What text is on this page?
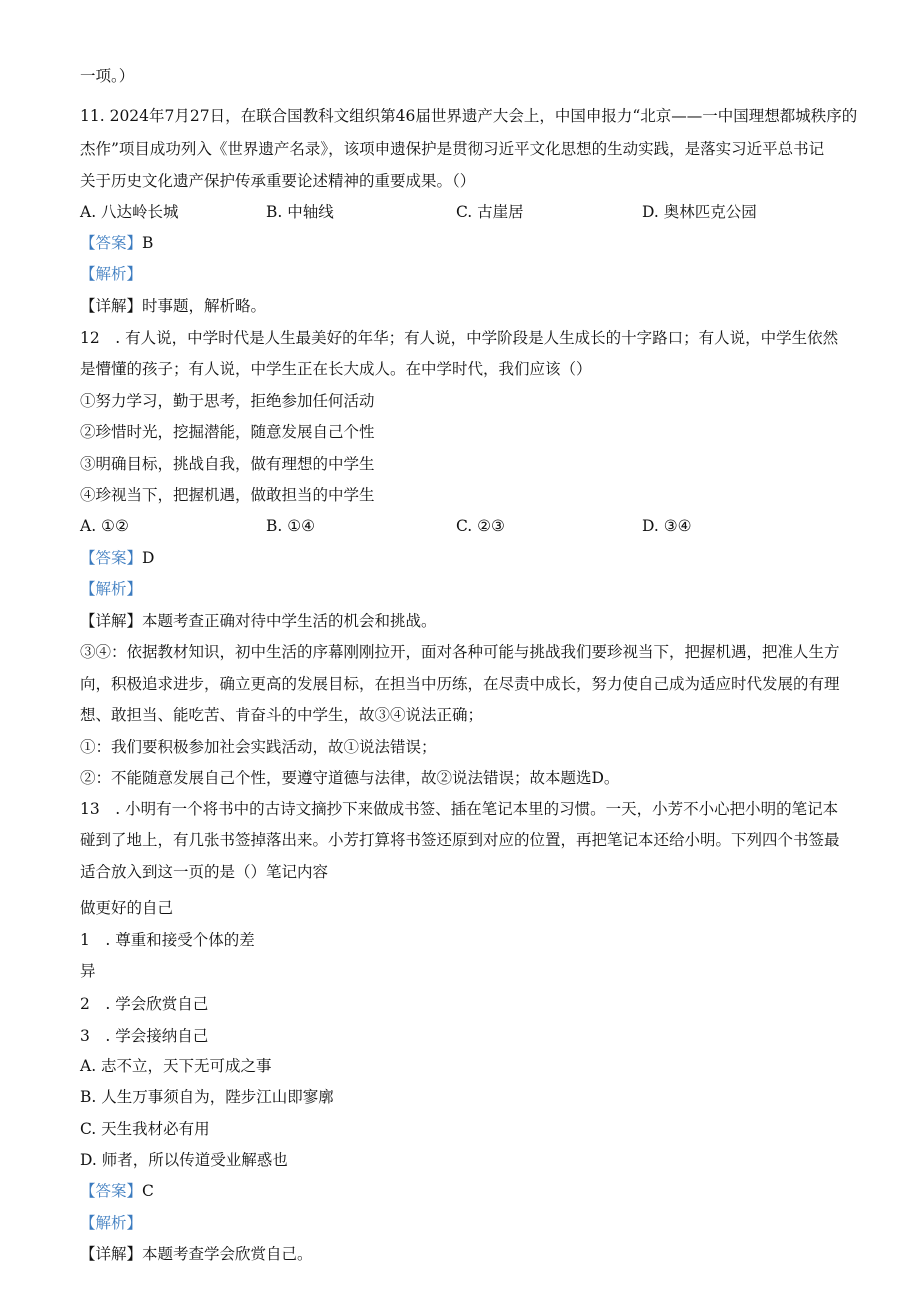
一项。）
11. 2024年7月27日，在联合国教科文组织第46届世界遗产大会上，中国申报力“北京——一中国理想都城秩序的
杰作”项目成功列入《世界遗产名录》，该项申遗保护是贯彻习近平文化思想的生动实践，是落实习近平总书记
关于历史文化遗产保护传承重要论述精神的重要成果。（）
A. 八达岭长城	B. 中轴线	C. 古崖居	D. 奥林匹克公园
【答案】B
【解析】
【详解】时事题，解析略。
12　. 有人说，中学时代是人生最美好的年华；有人说，中学阶段是人生成长的十字路口；有人说，中学生依然
是懵懂的孩子；有人说，中学生正在长大成人。在中学时代，我们应该（）
①努力学习，勤于思考，拒绝参加任何活动
②珍惜时光，挖掘潜能，随意发展自己个性
③明确目标，挑战自我，做有理想的中学生
④珍视当下，把握机遇，做敢担当的中学生
A. ①②	B. ①④	C. ②③	D. ③④
【答案】D
【解析】
【详解】本题考查正确对待中学生活的机会和挑战。
③④：依据教材知识，初中生活的序幕刚刚拉开，面对各种可能与挑战我们要珍视当下，把握机遇，把准人生方
向，积极追求进步，确立更高的发展目标，在担当中历练，在尽责中成长，努力使自己成为适应时代发展的有理
想、敢担当、能吃苦、肯奋斗的中学生，故③④说法正确；
①：我们要积极参加社会实践活动，故①说法错误；
②：不能随意发展自己个性，要遵守道德与法律，故②说法错误；故本题选D。
13　. 小明有一个将书中的古诗文摘抄下来做成书签、插在笔记本里的习惯。一天，小芳不小心把小明的笔记本
碰到了地上，有几张书签掉落出来。小芳打算将书签还原到对应的位置，再把笔记本还给小明。下列四个书签最
适合放入到这一页的是（）笔记内容
做更好的自己
1　. 尊重和接受个体的差
异
2　. 学会欣赏自己
3　. 学会接纳自己
A. 志不立，天下无可成之事
B. 人生万事须自为，陛步江山即寥廓
C. 天生我材必有用
D. 师者，所以传道受业解惑也
【答案】C
【解析】
【详解】本题考查学会欣赏自己。
